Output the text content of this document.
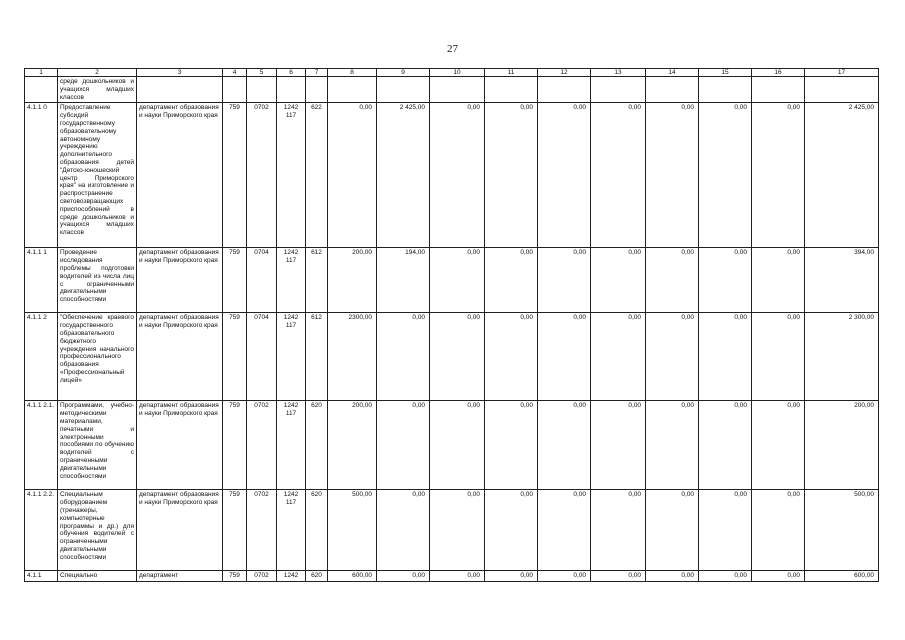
27
1	2	3	4	5	6	7	8	9	10	11	12	13	14	15	16	17
	среде дошкольников и учащихся младших классов															
4.1.1 0	Предоставление субсидий государственному образовательному автономному учреждению дополнительного образования детей "Детско-юношеский центр Приморского края" на изготовление и распространение световозвращающих приспособлений в среде дошкольников и учащихся младших классов	департамент образования и науки Приморского края	759	0702	1242 117	622	0,00	2 425,00	0,00	0,00	0,00	0,00	0,00	0,00	0,00	2 425,00
4.1.1 1	Проведение исследования проблемы подготовки водителей из числа лиц с ограниченными двигательными способностями	департамент образования и науки Приморского края	759	0704	1242 117	612	200,00	194,00	0,00	0,00	0,00	0,00	0,00	0,00	0,00	394,00
4.1.1 2	"Обеспечение краевого государственного образовательного бюджетного учреждения начального профессионального образования «Профессиональный лицей»	департамент образования и науки Приморского края	759	0704	1242 117	612	2300,00	0,00	0,00	0,00	0,00	0,00	0,00	0,00	0,00	2 300,00
4.1.1 2.1.	Программами, учебно-методическими материалами, печатными и электронными пособиями по обучению водителей с ограниченными двигательными способностями	департамент образования и науки Приморского края	759	0702	1242 117	620	200,00	0,00	0,00	0,00	0,00	0,00	0,00	0,00	0,00	200,00
4.1.1 2.2.	Специальным оборудованием (тренажеры, компьютерные программы и др.) для обучения водителей с ограниченными двигательными способностями	департамент образования и науки Приморского края	759	0702	1242 117	620	500,00	0,00	0,00	0,00	0,00	0,00	0,00	0,00	0,00	500,00
4.1.1	Специально	департамент	759	0702	1242	620	600,00	0,00	0,00	0,00	0,00	0,00	0,00	0,00	0,00	600,00
